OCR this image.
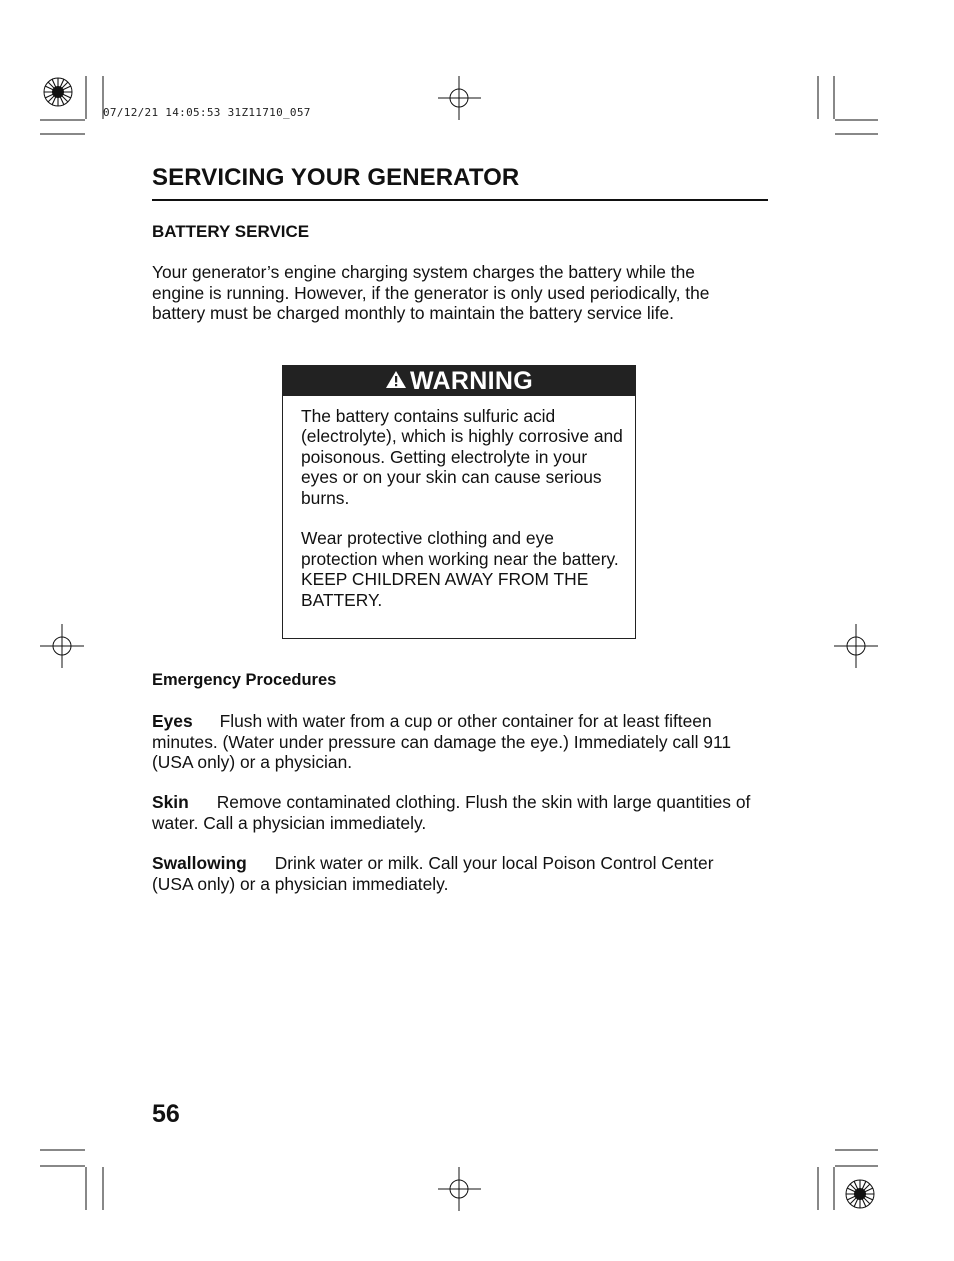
07/12/21 14:05:53 31Z11710_057
SERVICING YOUR GENERATOR
BATTERY SERVICE
Your generator’s engine charging system charges the battery while the engine is running. However, if the generator is only used periodically, the battery must be charged monthly to maintain the battery service life.
WARNING

The battery contains sulfuric acid (electrolyte), which is highly corrosive and poisonous. Getting electrolyte in your eyes or on your skin can cause serious burns.

Wear protective clothing and eye protection when working near the battery.

KEEP CHILDREN AWAY FROM THE BATTERY.

Emergency Procedures
Eyes Flush with water from a cup or other container for at least fifteen minutes. (Water under pressure can damage the eye.) Immediately call 911 (USA only) or a physician.
Skin Remove contaminated clothing. Flush the skin with large quantities of water. Call a physician immediately.
Swallowing Drink water or milk. Call your local Poison Control Center (USA only) or a physician immediately.
56
